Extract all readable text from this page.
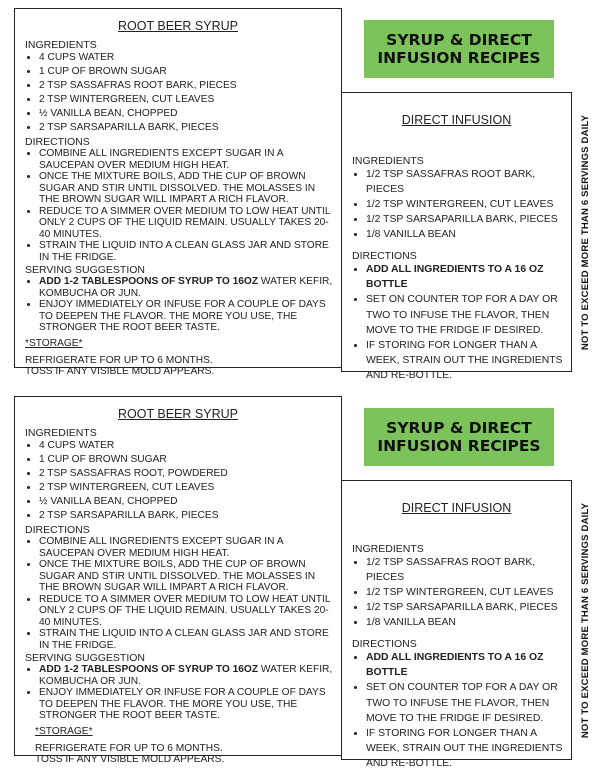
ROOT BEER SYRUP
INGREDIENTS
• 4 CUPS WATER
• 1 CUP OF BROWN SUGAR
• 2 TSP SASSAFRAS ROOT BARK, PIECES
• 2 TSP WINTERGREEN, CUT LEAVES
• ½ VANILLA BEAN, CHOPPED
• 2 TSP SARSAPARILLA BARK, PIECES
DIRECTIONS
• COMBINE ALL INGREDIENTS EXCEPT SUGAR IN A SAUCEPAN OVER MEDIUM HIGH HEAT.
• ONCE THE MIXTURE BOILS, ADD THE CUP OF BROWN SUGAR AND STIR UNTIL DISSOLVED. THE MOLASSES IN THE BROWN SUGAR WILL IMPART A RICH FLAVOR.
• REDUCE TO A SIMMER OVER MEDIUM TO LOW HEAT UNTIL ONLY 2 CUPS OF THE LIQUID REMAIN. USUALLY TAKES 20-40 MINUTES.
• STRAIN THE LIQUID INTO A CLEAN GLASS JAR AND STORE IN THE FRIDGE.
SERVING SUGGESTION
• ADD 1-2 TABLESPOONS OF SYRUP TO 16OZ WATER KEFIR, KOMBUCHA OR JUN.
• ENJOY IMMEDIATELY OR INFUSE FOR A COUPLE OF DAYS TO DEEPEN THE FLAVOR. THE MORE YOU USE, THE STRONGER THE ROOT BEER TASTE.
*STORAGE*
REFRIGERATE FOR UP TO 6 MONTHS.
TOSS IF ANY VISIBLE MOLD APPEARS.
SYRUP & DIRECT
INFUSION RECIPES
DIRECT INFUSION
INGREDIENTS
• 1/2 TSP SASSAFRAS ROOT BARK, PIECES
• 1/2 TSP WINTERGREEN, CUT LEAVES
• 1/2 TSP SARSAPARILLA BARK, PIECES
• 1/8 VANILLA BEAN
DIRECTIONS
• ADD ALL INGREDIENTS TO A 16 OZ BOTTLE
• SET ON COUNTER TOP FOR A DAY OR TWO TO INFUSE THE FLAVOR, THEN MOVE TO THE FRIDGE IF DESIRED.
• IF STORING FOR LONGER THAN A WEEK, STRAIN OUT THE INGREDIENTS AND RE-BOTTLE.
NOT TO EXCEED MORE THAN 6 SERVINGS DAILY
ROOT BEER SYRUP
INGREDIENTS
• 4 CUPS WATER
• 1 CUP OF BROWN SUGAR
• 2 TSP SASSAFRAS ROOT, POWDERED
• 2 TSP WINTERGREEN, CUT LEAVES
• ½ VANILLA BEAN, CHOPPED
• 2 TSP SARSAPARILLA BARK, PIECES
DIRECTIONS
• COMBINE ALL INGREDIENTS EXCEPT SUGAR IN A SAUCEPAN OVER MEDIUM HIGH HEAT.
• ONCE THE MIXTURE BOILS, ADD THE CUP OF BROWN SUGAR AND STIR UNTIL DISSOLVED. THE MOLASSES IN THE BROWN SUGAR WILL IMPART A RICH FLAVOR.
• REDUCE TO A SIMMER OVER MEDIUM TO LOW HEAT UNTIL ONLY 2 CUPS OF THE LIQUID REMAIN. USUALLY TAKES 20-40 MINUTES.
• STRAIN THE LIQUID INTO A CLEAN GLASS JAR AND STORE IN THE FRIDGE.
SERVING SUGGESTION
• ADD 1-2 TABLESPOONS OF SYRUP TO 16OZ WATER KEFIR, KOMBUCHA OR JUN.
• ENJOY IMMEDIATELY OR INFUSE FOR A COUPLE OF DAYS TO DEEPEN THE FLAVOR. THE MORE YOU USE, THE STRONGER THE ROOT BEER TASTE.
*STORAGE*
REFRIGERATE FOR UP TO 6 MONTHS.
TOSS IF ANY VISIBLE MOLD APPEARS.
SYRUP & DIRECT
INFUSION RECIPES
DIRECT INFUSION
INGREDIENTS
• 1/2 TSP SASSAFRAS ROOT BARK, PIECES
• 1/2 TSP WINTERGREEN, CUT LEAVES
• 1/2 TSP SARSAPARILLA BARK, PIECES
• 1/8 VANILLA BEAN
DIRECTIONS
• ADD ALL INGREDIENTS TO A 16 OZ BOTTLE
• SET ON COUNTER TOP FOR A DAY OR TWO TO INFUSE THE FLAVOR, THEN MOVE TO THE FRIDGE IF DESIRED.
• IF STORING FOR LONGER THAN A WEEK, STRAIN OUT THE INGREDIENTS AND RE-BOTTLE.
NOT TO EXCEED MORE THAN 6 SERVINGS DAILY
